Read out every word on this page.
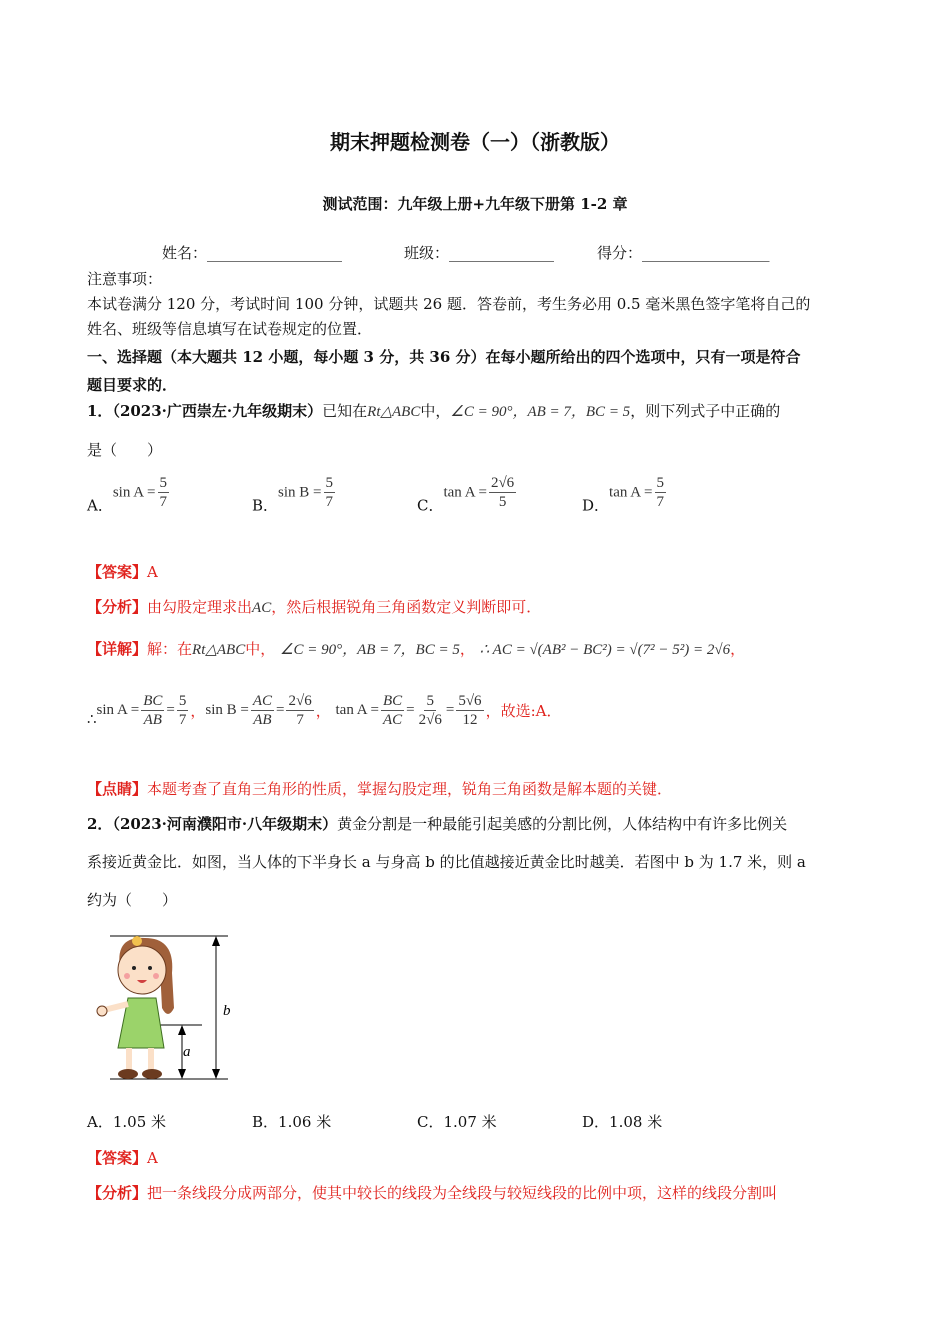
期末押题检测卷（一）（浙教版）
测试范围：九年级上册+九年级下册第 1-2 章
姓名：__________________	班级：______________	得分：_________________
注意事项：
本试卷满分 120 分，考试时间 100 分钟，试题共 26 题．答卷前，考生务必用 0.5 毫米黑色签字笔将自己的
姓名、班级等信息填写在试卷规定的位置．
一、选择题（本大题共 12 小题，每小题 3 分，共 36 分）在每小题所给出的四个选项中，只有一项是符合
题目要求的．
1．（2023·广西崇左·九年级期末）已知在Rt△ABC中，∠C = 90°，AB = 7，BC = 5，则下列式子中正确的
是（　　）
A．$\sin A = \frac{5}{7}$	B．$\sin B = \frac{5}{7}$	C．$\tan A = \frac{2√6}{5}$	D．$\tan A = \frac{5}{7}$
【答案】A
【分析】由勾股定理求出AC，然后根据锐角三角函数定义判断即可．
【详解】解：在Rt△ABC中， ∠C = 90°，AB = 7，BC = 5， ∴ AC = √(AB² − BC²) = √(7² − 5²) = 2√6，
∴
$\sin A = \frac{BC}{AB} = \frac{5}{7}$ ， $\sin B = \frac{AC}{AB} = \frac{2√6}{7}$ ，
$\tan A = \frac{BC}{AC} = \frac{5}{2√6} = \frac{5√6}{12}$ ，故选:A．
【点睛】本题考查了直角三角形的性质，掌握勾股定理，锐角三角函数是解本题的关键．
2．（2023·河南濮阳市·八年级期末）黄金分割是一种最能引起美感的分割比例，人体结构中有许多比例关
系接近黄金比．如图，当人体的下半身长 a 与身高 b 的比值越接近黄金比时越美．若图中 b 为 1.7 米，则 a
约为（　　）
b
a
A．1.05 米	B．1.06 米	C．1.07 米	D．1.08 米
【答案】A
【分析】把一条线段分成两部分，使其中较长的线段为全线段与较短线段的比例中项，这样的线段分割叫
